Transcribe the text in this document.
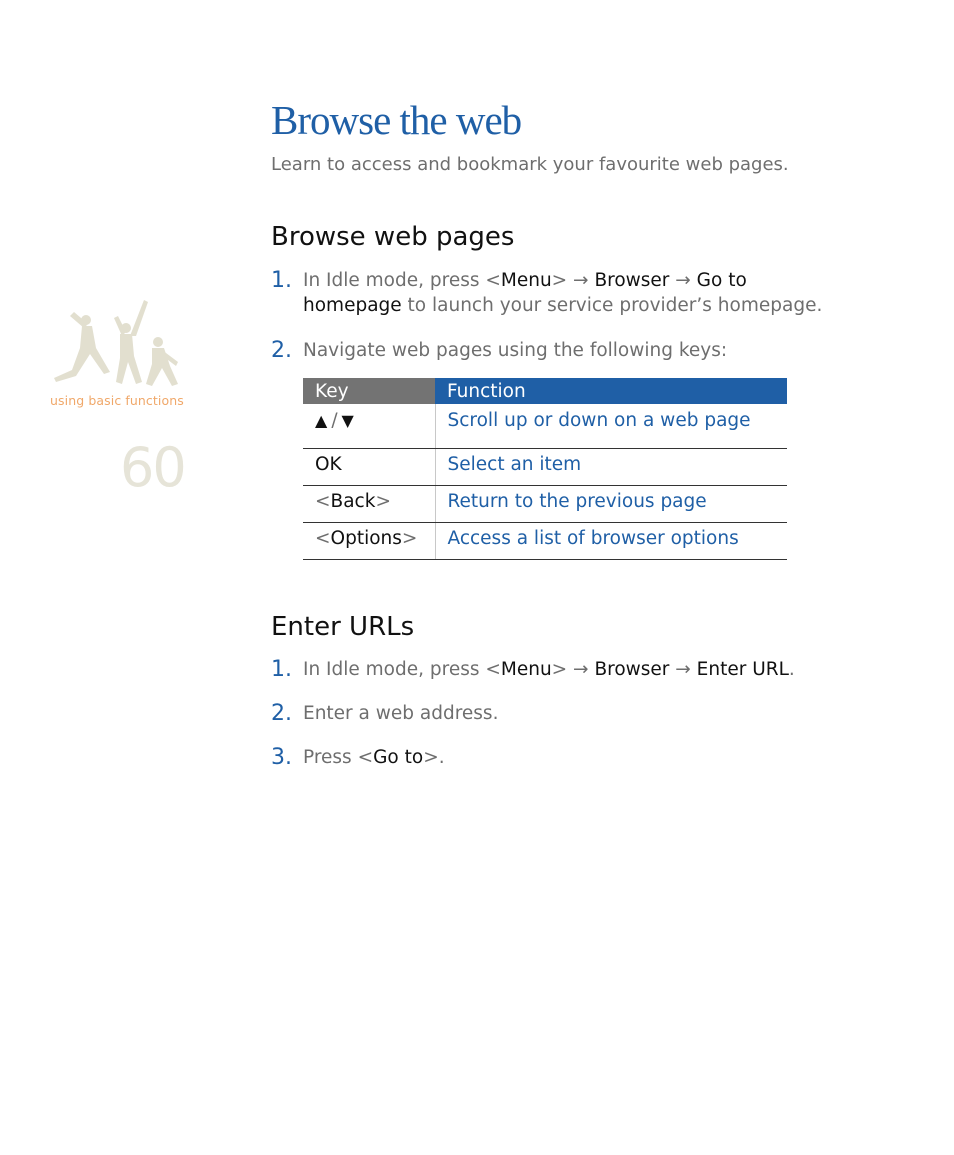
using basic functions
60
Browse the web

Learn to access and bookmark your favourite web pages.

Browse web pages
1. In Idle mode, press <Menu> → Browser → Go to
homepage to launch your service provider’s homepage.
2. Navigate web pages using the following keys:
Key	Function
▲ / ▼	Scroll up or down on a web page
OK	Select an item
<Back>	Return to the previous page
<Options>	Access a list of browser options
Enter URLs
1. In Idle mode, press <Menu> → Browser → Enter URL.
2. Enter a web address.
3. Press <Go to>.
